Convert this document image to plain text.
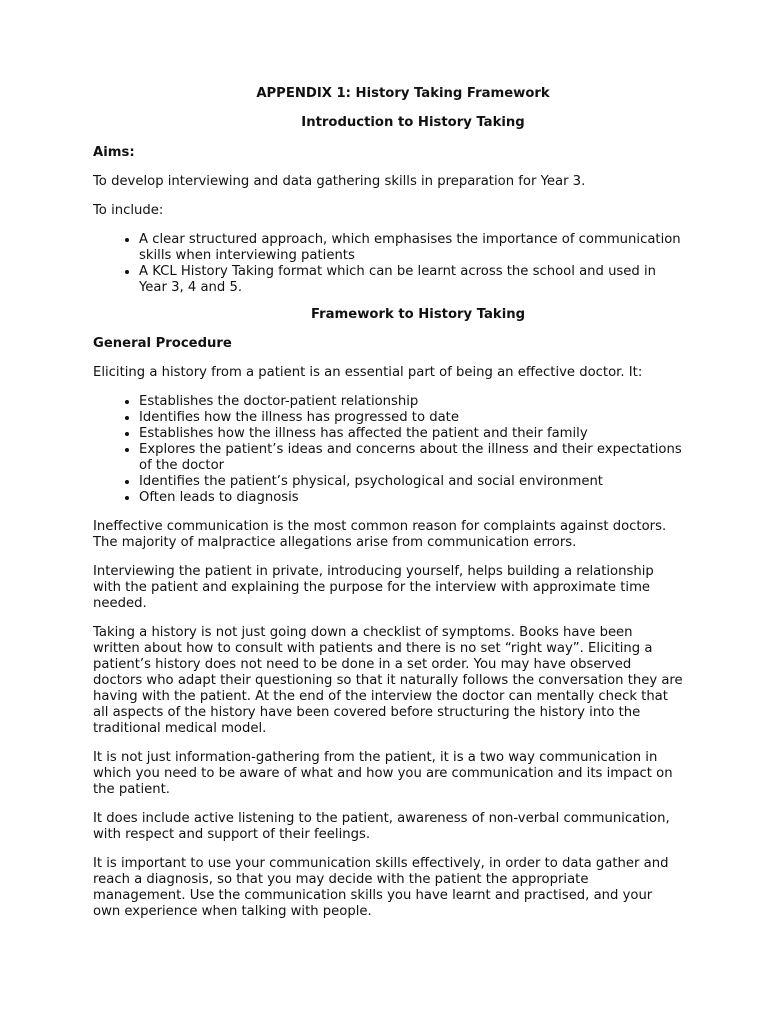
APPENDIX 1: History Taking Framework

Introduction to History Taking

Aims:

To develop interviewing and data gathering skills in preparation for Year 3.

To include:

• A clear structured approach, which emphasises the importance of communication skills when interviewing patients
• A KCL History Taking format which can be learnt across the school and used in Year 3, 4 and 5.

Framework to History Taking

General Procedure

Eliciting a history from a patient is an essential part of being an effective doctor. It:

• Establishes the doctor-patient relationship
• Identifies how the illness has progressed to date
• Establishes how the illness has affected the patient and their family
• Explores the patient’s ideas and concerns about the illness and their expectations of the doctor
• Identifies the patient’s physical, psychological and social environment
• Often leads to diagnosis

Ineffective communication is the most common reason for complaints against doctors. The majority of malpractice allegations arise from communication errors.

Interviewing the patient in private, introducing yourself, helps building a relationship with the patient and explaining the purpose for the interview with approximate time needed.

Taking a history is not just going down a checklist of symptoms. Books have been written about how to consult with patients and there is no set “right way”. Eliciting a patient’s history does not need to be done in a set order. You may have observed doctors who adapt their questioning so that it naturally follows the conversation they are having with the patient. At the end of the interview the doctor can mentally check that all aspects of the history have been covered before structuring the history into the traditional medical model.

It is not just information-gathering from the patient, it is a two way communication in which you need to be aware of what and how you are communication and its impact on the patient.

It does include active listening to the patient, awareness of non-verbal communication, with respect and support of their feelings.

It is important to use your communication skills effectively, in order to data gather and reach a diagnosis, so that you may decide with the patient the appropriate management. Use the communication skills you have learnt and practised, and your own experience when talking with people.
